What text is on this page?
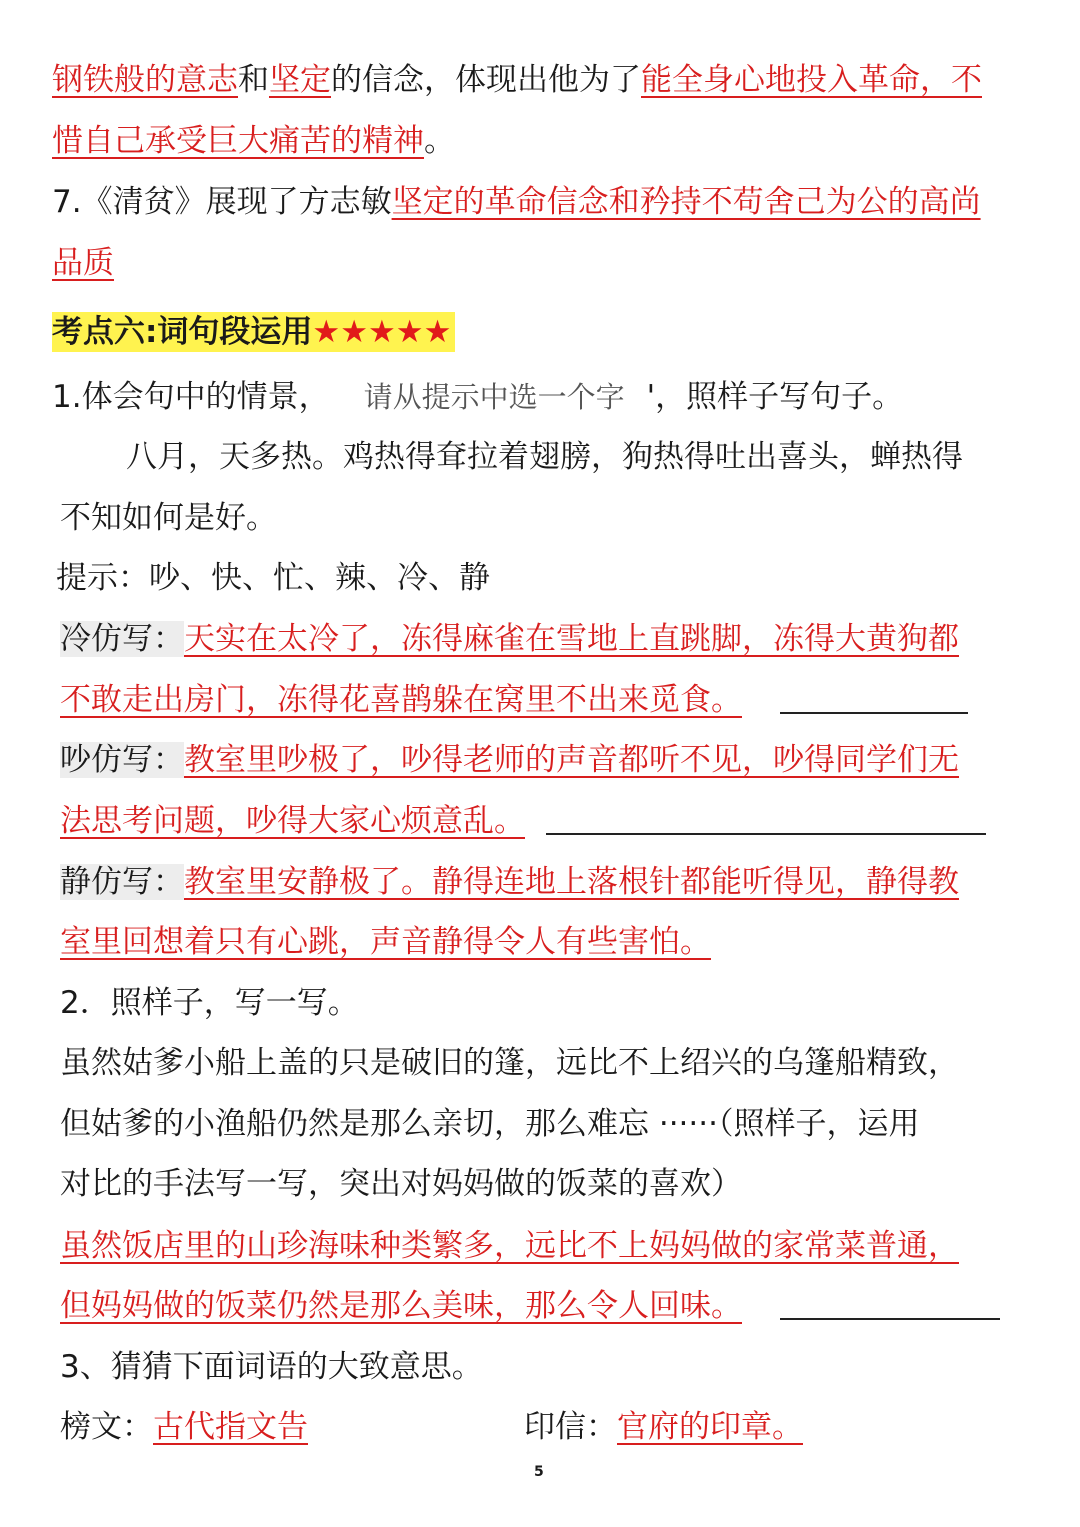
钢铁般的意志和坚定的信念，体现出他为了能全身心地投入革命，不
惜自己承受巨大痛苦的精神。
7.《清贫》展现了方志敏坚定的革命信念和矜持不苟舍己为公的高尚
品质
考点六:词句段运用★★★★★
1.体会句中的情景， 请从提示中选一个字 '，照样子写句子。
八月，天多热。鸡热得耷拉着翅膀，狗热得吐出喜头，蝉热得
不知如何是好。
提示：吵、快、忙、辣、冷、静
冷仿写：天实在太冷了，冻得麻雀在雪地上直跳脚，冻得大黄狗都
不敢走出房门，冻得花喜鹊躲在窝里不出来觅食。
吵仿写：教室里吵极了，吵得老师的声音都听不见，吵得同学们无
法思考问题，吵得大家心烦意乱。
静仿写：教室里安静极了。静得连地上落根针都能听得见，静得教
室里回想着只有心跳，声音静得令人有些害怕。
2．照样子，写一写。
虽然姑爹小船上盖的只是破旧的篷，远比不上绍兴的乌篷船精致，
但姑爹的小渔船仍然是那么亲切，那么难忘 ······（照样子，运用
对比的手法写一写，突出对妈妈做的饭菜的喜欢）
虽然饭店里的山珍海味种类繁多，远比不上妈妈做的家常菜普通，
但妈妈做的饭菜仍然是那么美味，那么令人回味。
3、猜猜下面词语的大致意思。
榜文：古代指文告	印信：官府的印章。
5
